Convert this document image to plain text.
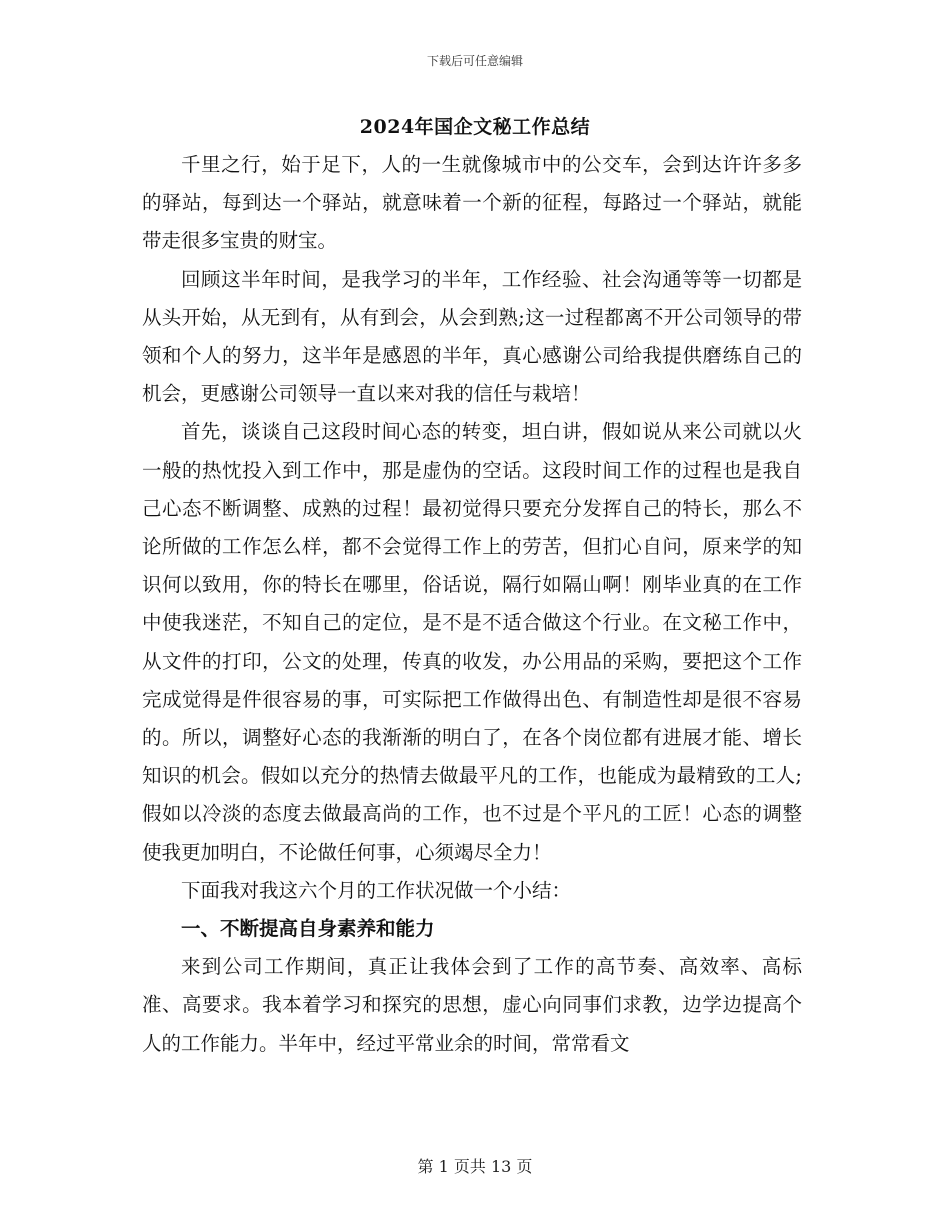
下载后可任意编辑
2024年国企文秘工作总结

千里之行，始于足下，人的一生就像城市中的公交车，会到达许许多多的驿站，每到达一个驿站，就意味着一个新的征程，每路过一个驿站，就能带走很多宝贵的财宝。

回顾这半年时间，是我学习的半年，工作经验、社会沟通等等一切都是从头开始，从无到有，从有到会，从会到熟;这一过程都离不开公司领导的带领和个人的努力，这半年是感恩的半年，真心感谢公司给我提供磨练自己的机会，更感谢公司领导一直以来对我的信任与栽培！

首先，谈谈自己这段时间心态的转变，坦白讲，假如说从来公司就以火一般的热忱投入到工作中，那是虚伪的空话。这段时间工作的过程也是我自己心态不断调整、成熟的过程！最初觉得只要充分发挥自己的特长，那么不论所做的工作怎么样，都不会觉得工作上的劳苦，但扪心自问，原来学的知识何以致用，你的特长在哪里，俗话说，隔行如隔山啊！刚毕业真的在工作中使我迷茫，不知自己的定位，是不是不适合做这个行业。在文秘工作中，从文件的打印，公文的处理，传真的收发，办公用品的采购，要把这个工作完成觉得是件很容易的事，可实际把工作做得出色、有制造性却是很不容易的。所以，调整好心态的我渐渐的明白了，在各个岗位都有进展才能、增长知识的机会。假如以充分的热情去做最平凡的工作，也能成为最精致的工人;假如以冷淡的态度去做最高尚的工作，也不过是个平凡的工匠！心态的调整使我更加明白，不论做任何事，心须竭尽全力！

下面我对我这六个月的工作状况做一个小结：

一、不断提高自身素养和能力

来到公司工作期间，真正让我体会到了工作的高节奏、高效率、高标准、高要求。我本着学习和探究的思想，虚心向同事们求教，边学边提高个人的工作能力。半年中，经过平常业余的时间，常常看文

第 1 页共 13 页
